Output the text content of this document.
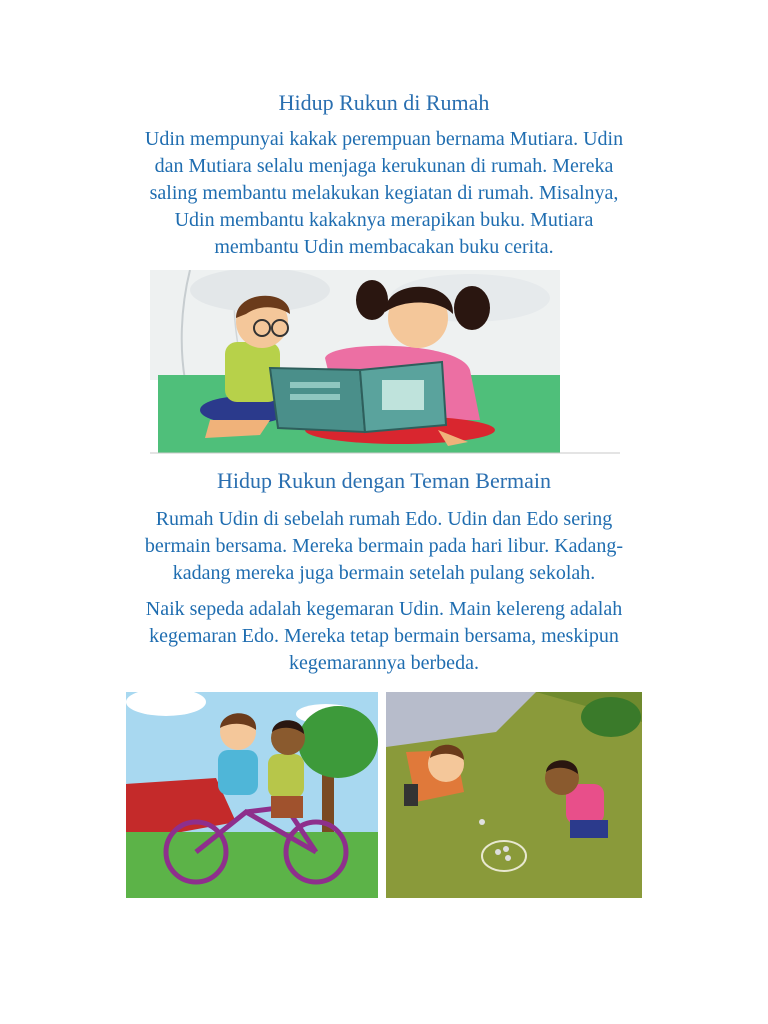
Hidup Rukun di Rumah
Udin mempunyai kakak perempuan bernama Mutiara. Udin
dan Mutiara selalu menjaga kerukunan di rumah. Mereka
saling membantu melakukan kegiatan di rumah. Misalnya,
Udin membantu kakaknya merapikan buku. Mutiara
membantu Udin membacakan buku cerita.
Hidup Rukun dengan Teman Bermain
Rumah Udin di sebelah rumah Edo. Udin dan Edo sering
bermain bersama. Mereka bermain pada hari libur. Kadang-
kadang mereka juga bermain setelah pulang sekolah.
Naik sepeda adalah kegemaran Udin. Main kelereng adalah
kegemaran Edo. Mereka tetap bermain bersama, meskipun
kegemarannya berbeda.
